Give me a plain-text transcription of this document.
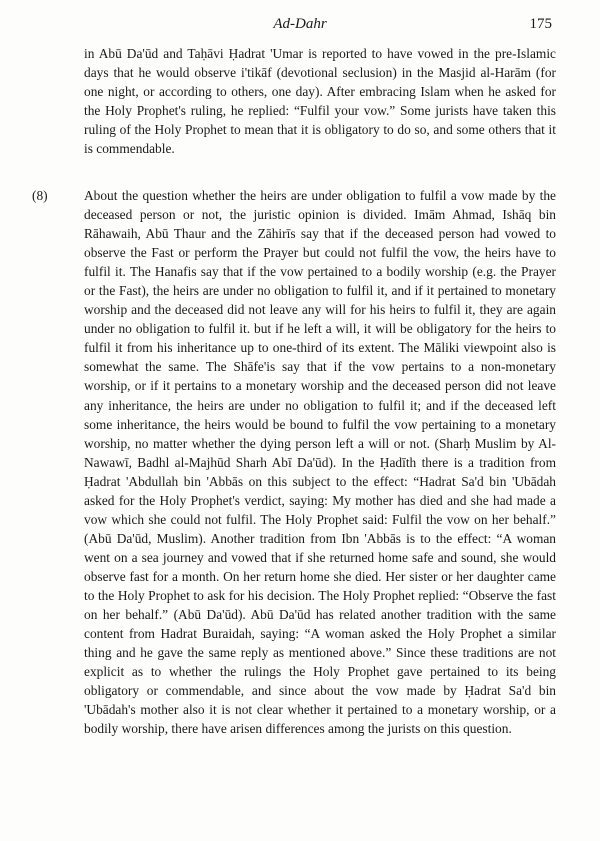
Ad-Dahr	175

in Abū Da'ūd and Taḥāvi Ḥadrat 'Umar is reported to have vowed in the pre-Islamic days that he would observe i'tikāf (devotional seclusion) in the Masjid al-Harām (for one night, or according to others, one day). After embracing Islam when he asked for the Holy Prophet's ruling, he replied: “Fulfil your vow.” Some jurists have taken this ruling of the Holy Prophet to mean that it is obligatory to do so, and some others that it is commendable.

(8)	About the question whether the heirs are under obligation to fulfil a vow made by the deceased person or not, the juristic opinion is divided. Imām Ahmad, Ishāq bin Rāhawaih, Abū Thaur and the Zāhirīs say that if the deceased person had vowed to observe the Fast or perform the Prayer but could not fulfil the vow, the heirs have to fulfil it. The Hanafis say that if the vow pertained to a bodily worship (e.g. the Prayer or the Fast), the heirs are under no obligation to fulfil it, and if it pertained to monetary worship and the deceased did not leave any will for his heirs to fulfil it, they are again under no obligation to fulfil it. but if he left a will, it will be obligatory for the heirs to fulfil it from his inheritance up to one-third of its extent. The Māliki viewpoint also is somewhat the same. The Shāfe'is say that if the vow pertains to a non-monetary worship, or if it pertains to a monetary worship and the deceased person did not leave any inheritance, the heirs are under no obligation to fulfil it; and if the deceased left some inheritance, the heirs would be bound to fulfil the vow pertaining to a monetary worship, no matter whether the dying person left a will or not. (Sharḥ Muslim by Al-Nawawī, Badhl al-Majhūd Sharh Abī Da'ūd). In the Ḥadīth there is a tradition from Ḥadrat 'Abdullah bin 'Abbās on this subject to the effect: “Hadrat Sa'd bin 'Ubādah asked for the Holy Prophet's verdict, saying: My mother has died and she had made a vow which she could not fulfil. The Holy Prophet said: Fulfil the vow on her behalf.” (Abū Da'ūd, Muslim). Another tradition from Ibn 'Abbās is to the effect: “A woman went on a sea journey and vowed that if she returned home safe and sound, she would observe fast for a month. On her return home she died. Her sister or her daughter came to the Holy Prophet to ask for his decision. The Holy Prophet replied: “Observe the fast on her behalf.” (Abū Da'ūd). Abū Da'ūd has related another tradition with the same content from Hadrat Buraidah, saying: “A woman asked the Holy Prophet a similar thing and he gave the same reply as mentioned above.” Since these traditions are not explicit as to whether the rulings the Holy Prophet gave pertained to its being obligatory or commendable, and since about the vow made by Ḥadrat Sa'd bin 'Ubādah's mother also it is not clear whether it pertained to a monetary worship, or a bodily worship, there have arisen differences among the jurists on this question.
